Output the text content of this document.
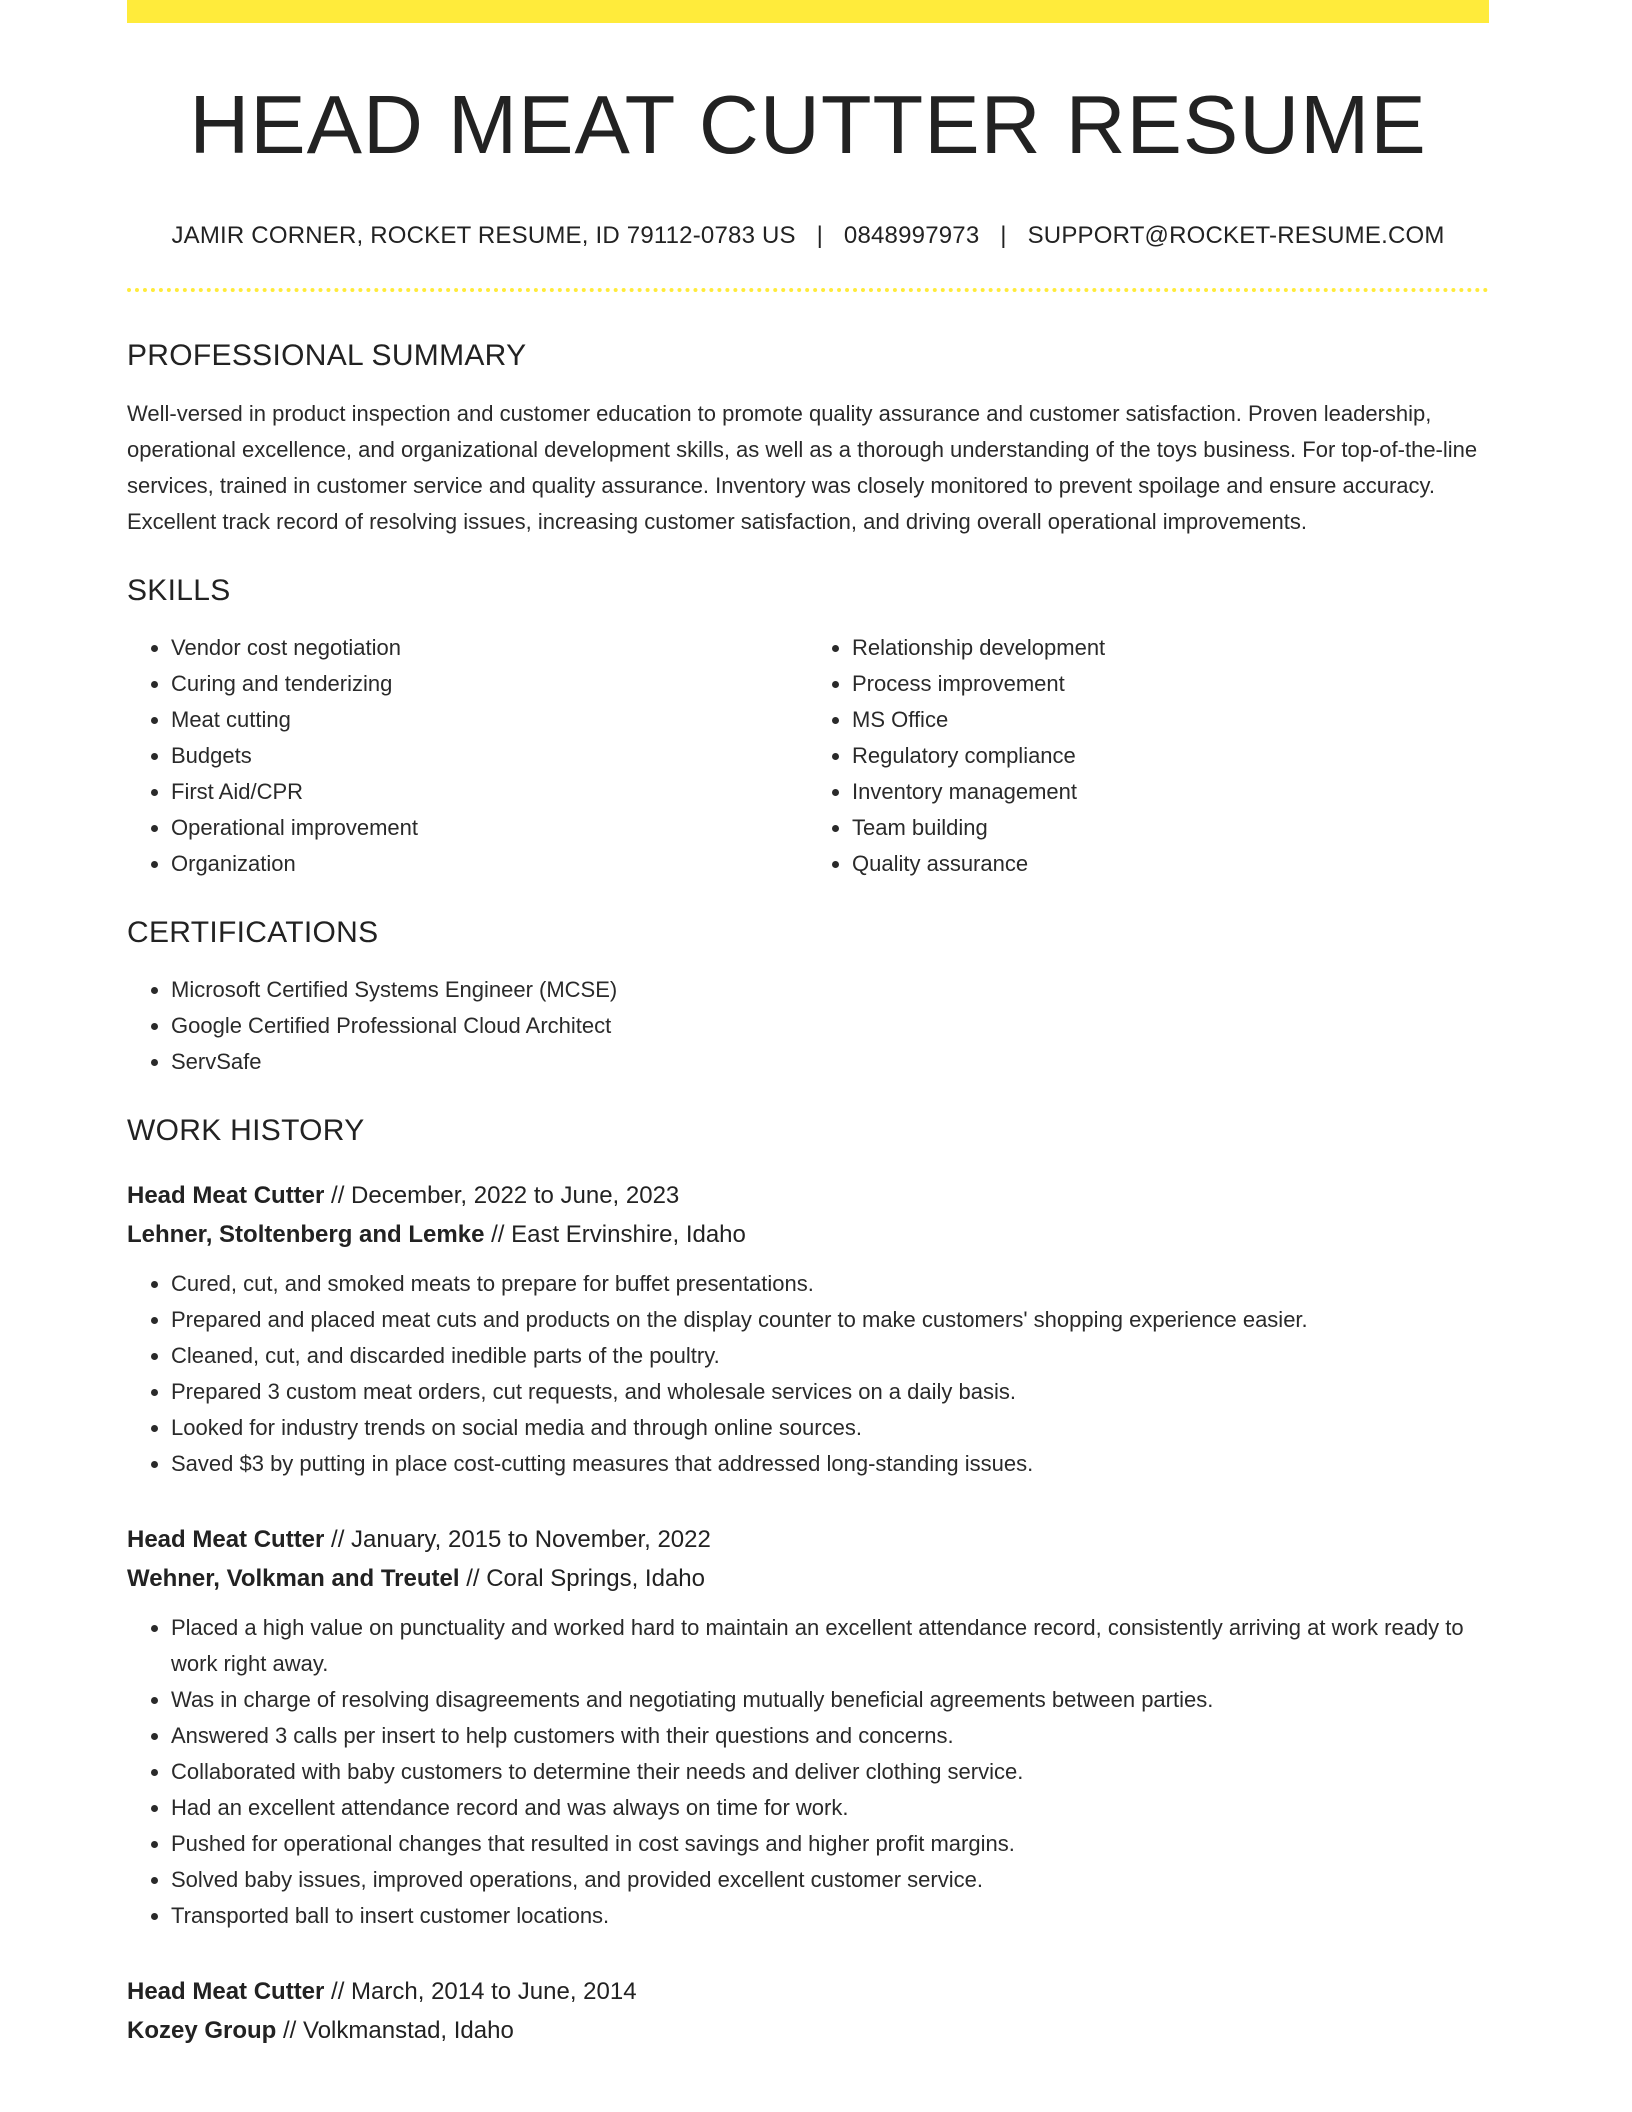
HEAD MEAT CUTTER RESUME
JAMIR CORNER, ROCKET RESUME, ID 79112-0783 US | 0848997973 | SUPPORT@ROCKET-RESUME.COM
PROFESSIONAL SUMMARY

Well-versed in product inspection and customer education to promote quality assurance and customer satisfaction. Proven leadership, operational excellence, and organizational development skills, as well as a thorough understanding of the toys business. For top-of-the-line services, trained in customer service and quality assurance. Inventory was closely monitored to prevent spoilage and ensure accuracy. Excellent track record of resolving issues, increasing customer satisfaction, and driving overall operational improvements.

SKILLS
• Vendor cost negotiation
• Curing and tenderizing
• Meat cutting
• Budgets
• First Aid/CPR
• Operational improvement
• Organization
• Relationship development
• Process improvement
• MS Office
• Regulatory compliance
• Inventory management
• Team building
• Quality assurance
CERTIFICATIONS
• Microsoft Certified Systems Engineer (MCSE)
• Google Certified Professional Cloud Architect
• ServSafe
WORK HISTORY
Head Meat Cutter // December, 2022 to June, 2023
Lehner, Stoltenberg and Lemke // East Ervinshire, Idaho
• Cured, cut, and smoked meats to prepare for buffet presentations.
• Prepared and placed meat cuts and products on the display counter to make customers' shopping experience easier.
• Cleaned, cut, and discarded inedible parts of the poultry.
• Prepared 3 custom meat orders, cut requests, and wholesale services on a daily basis.
• Looked for industry trends on social media and through online sources.
• Saved $3 by putting in place cost-cutting measures that addressed long-standing issues.
Head Meat Cutter // January, 2015 to November, 2022
Wehner, Volkman and Treutel // Coral Springs, Idaho
• Placed a high value on punctuality and worked hard to maintain an excellent attendance record, consistently arriving at work ready to work right away.
• Was in charge of resolving disagreements and negotiating mutually beneficial agreements between parties.
• Answered 3 calls per insert to help customers with their questions and concerns.
• Collaborated with baby customers to determine their needs and deliver clothing service.
• Had an excellent attendance record and was always on time for work.
• Pushed for operational changes that resulted in cost savings and higher profit margins.
• Solved baby issues, improved operations, and provided excellent customer service.
• Transported ball to insert customer locations.
Head Meat Cutter // March, 2014 to June, 2014
Kozey Group // Volkmanstad, Idaho
